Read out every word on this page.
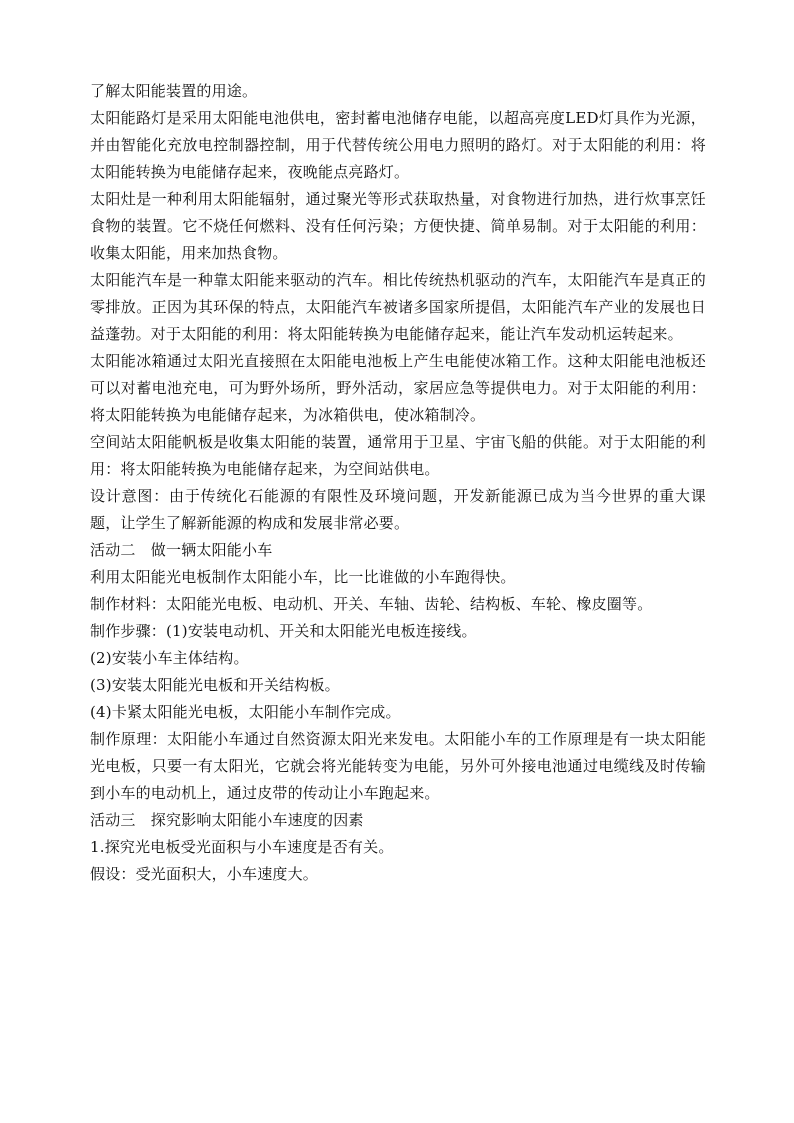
了解太阳能装置的用途。

太阳能路灯是采用太阳能电池供电，密封蓄电池储存电能，以超高亮度LED灯具作为光源，并由智能化充放电控制器控制，用于代替传统公用电力照明的路灯。对于太阳能的利用：将太阳能转换为电能储存起来，夜晚能点亮路灯。

太阳灶是一种利用太阳能辐射，通过聚光等形式获取热量，对食物进行加热，进行炊事烹饪食物的装置。它不烧任何燃料、没有任何污染；方便快捷、简单易制。对于太阳能的利用：收集太阳能，用来加热食物。

太阳能汽车是一种靠太阳能来驱动的汽车。相比传统热机驱动的汽车，太阳能汽车是真正的零排放。正因为其环保的特点，太阳能汽车被诸多国家所提倡，太阳能汽车产业的发展也日益蓬勃。对于太阳能的利用：将太阳能转换为电能储存起来，能让汽车发动机运转起来。

太阳能冰箱通过太阳光直接照在太阳能电池板上产生电能使冰箱工作。这种太阳能电池板还可以对蓄电池充电，可为野外场所，野外活动，家居应急等提供电力。对于太阳能的利用：将太阳能转换为电能储存起来，为冰箱供电，使冰箱制冷。

空间站太阳能帆板是收集太阳能的装置，通常用于卫星、宇宙飞船的供能。对于太阳能的利用：将太阳能转换为电能储存起来，为空间站供电。

设计意图：由于传统化石能源的有限性及环境问题，开发新能源已成为当今世界的重大课题，让学生了解新能源的构成和发展非常必要。

活动二　做一辆太阳能小车

利用太阳能光电板制作太阳能小车，比一比谁做的小车跑得快。

制作材料：太阳能光电板、电动机、开关、车轴、齿轮、结构板、车轮、橡皮圈等。

制作步骤：(1)安装电动机、开关和太阳能光电板连接线。

(2)安装小车主体结构。

(3)安装太阳能光电板和开关结构板。

(4)卡紧太阳能光电板，太阳能小车制作完成。

制作原理：太阳能小车通过自然资源太阳光来发电。太阳能小车的工作原理是有一块太阳能光电板，只要一有太阳光，它就会将光能转变为电能，另外可外接电池通过电缆线及时传输到小车的电动机上，通过皮带的传动让小车跑起来。

活动三　探究影响太阳能小车速度的因素

1.探究光电板受光面积与小车速度是否有关。

假设：受光面积大，小车速度大。
